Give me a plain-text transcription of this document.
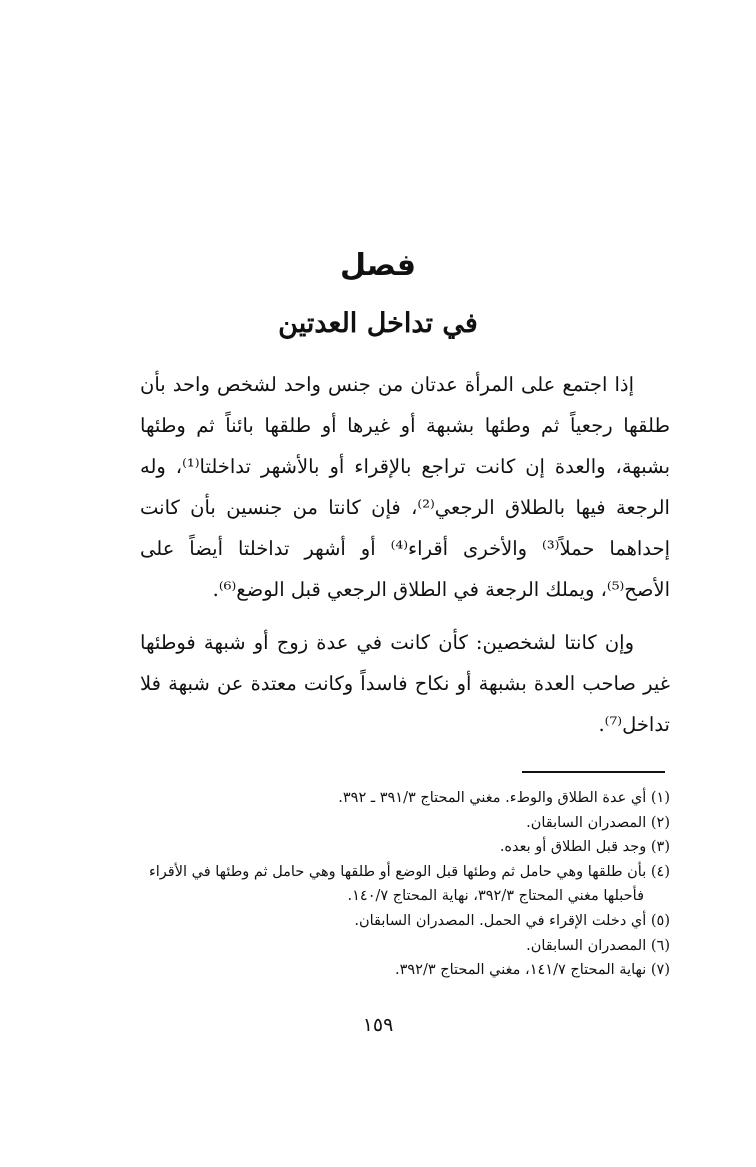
فصل
في تداخل العدتين

إذا اجتمع على المرأة عدتان من جنس واحد لشخص واحد بأن طلقها رجعياً ثم وطئها بشبهة أو غيرها أو طلقها بائناً ثم وطئها بشبهة، والعدة إن كانت تراجع بالإقراء أو بالأشهر تداخلتا⁽¹⁾، وله الرجعة فيها بالطلاق الرجعي⁽²⁾، فإن كانتا من جنسين بأن كانت إحداهما حملاً⁽³⁾ والأخرى أقراء⁽⁴⁾ أو أشهر تداخلتا أيضاً على الأصح⁽⁵⁾، ويملك الرجعة في الطلاق الرجعي قبل الوضع⁽⁶⁾.

وإن كانتا لشخصين: كأن كانت في عدة زوج أو شبهة فوطئها غير صاحب العدة بشبهة أو نكاح فاسداً وكانت معتدة عن شبهة فلا تداخل⁽⁷⁾.

(١) أي عدة الطلاق والوطء. مغني المحتاج ٣٩١/٣ ـ ٣٩٢.
(٢) المصدران السابقان.
(٣) وجد قبل الطلاق أو بعده.
(٤) بأن طلقها وهي حامل ثم وطئها قبل الوضع أو طلقها وهي حامل ثم وطئها في الأقراء فأحبلها مغني المحتاج ٣٩٢/٣، نهاية المحتاج ١٤٠/٧.
(٥) أي دخلت الإقراء في الحمل. المصدران السابقان.
(٦) المصدران السابقان.
(٧) نهاية المحتاج ١٤١/٧، مغني المحتاج ٣٩٢/٣.
١٥٩
